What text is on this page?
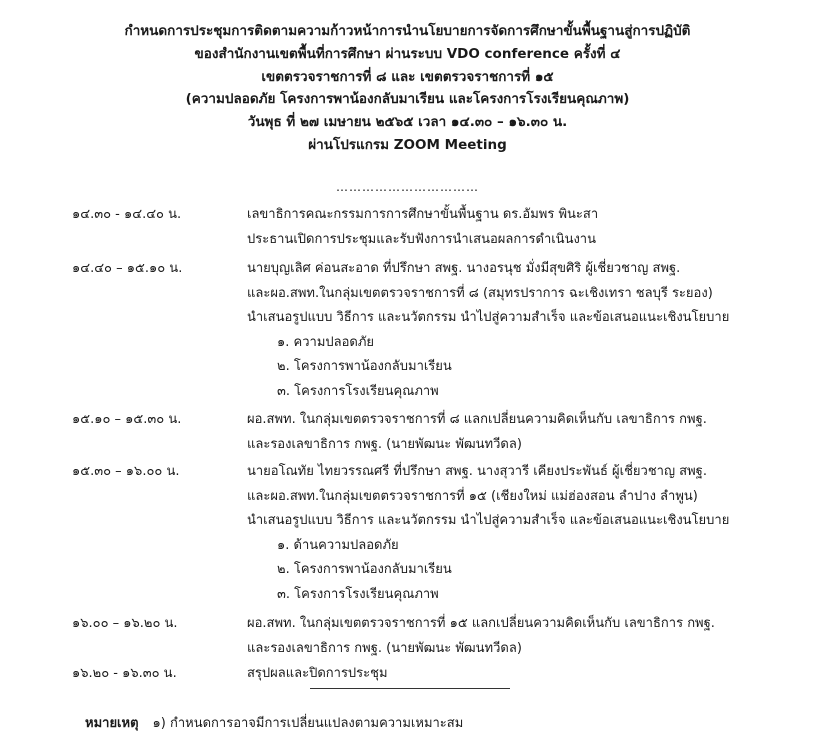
กำหนดการประชุมการติดตามความก้าวหน้าการนำนโยบายการจัดการศึกษาขั้นพื้นฐานสู่การปฏิบัติ
ของสำนักงานเขตพื้นที่การศึกษา ผ่านระบบ VDO conference ครั้งที่ ๔
เขตตรวจราชการที่ ๘ และ เขตตรวจราชการที่ ๑๕
(ความปลอดภัย โครงการพาน้องกลับมาเรียน และโครงการโรงเรียนคุณภาพ)
วันพุธ ที่ ๒๗ เมษายน ๒๕๖๕ เวลา ๑๔.๓๐ – ๑๖.๓๐ น.
ผ่านโปรแกรม ZOOM Meeting
……………………………
๑๔.๓๐ - ๑๔.๔๐ น.	เลขาธิการคณะกรรมการการศึกษาขั้นพื้นฐาน ดร.อัมพร พินะสา
ประธานเปิดการประชุมและรับฟังการนำเสนอผลการดำเนินงาน
๑๔.๔๐ – ๑๕.๑๐ น.	นายบุญเลิศ ค่อนสะอาด ที่ปรึกษา สพฐ. นางอรนุช มั่งมีสุขศิริ ผู้เชี่ยวชาญ สพฐ.
และผอ.สพท.ในกลุ่มเขตตรวจราชการที่ ๘ (สมุทรปราการ ฉะเชิงเทรา ชลบุรี ระยอง)
นำเสนอรูปแบบ วิธีการ และนวัตกรรม นำไปสู่ความสำเร็จ และข้อเสนอแนะเชิงนโยบาย
๑. ความปลอดภัย
๒. โครงการพาน้องกลับมาเรียน
๓. โครงการโรงเรียนคุณภาพ
๑๕.๑๐ – ๑๕.๓๐ น.	ผอ.สพท. ในกลุ่มเขตตรวจราชการที่ ๘ แลกเปลี่ยนความคิดเห็นกับ เลขาธิการ กพฐ.
และรองเลขาธิการ กพฐ. (นายพัฒนะ พัฒนทวีดล)
๑๕.๓๐ – ๑๖.๐๐ น.	นายอโณทัย ไทยวรรณศรี ที่ปรึกษา สพฐ. นางสุวารี เคียงประพันธ์ ผู้เชี่ยวชาญ สพฐ.
และผอ.สพท.ในกลุ่มเขตตรวจราชการที่ ๑๕ (เชียงใหม่ แม่ฮ่องสอน ลำปาง ลำพูน)
นำเสนอรูปแบบ วิธีการ และนวัตกรรม นำไปสู่ความสำเร็จ และข้อเสนอแนะเชิงนโยบาย
๑. ด้านความปลอดภัย
๒. โครงการพาน้องกลับมาเรียน
๓. โครงการโรงเรียนคุณภาพ
๑๖.๐๐ – ๑๖.๒๐ น.	ผอ.สพท. ในกลุ่มเขตตรวจราชการที่ ๑๕ แลกเปลี่ยนความคิดเห็นกับ เลขาธิการ กพฐ.
และรองเลขาธิการ กพฐ. (นายพัฒนะ พัฒนทวีดล)
๑๖.๒๐ - ๑๖.๓๐ น.	สรุปผลและปิดการประชุม
หมายเหตุ ๑) กำหนดการอาจมีการเปลี่ยนแปลงตามความเหมาะสม
